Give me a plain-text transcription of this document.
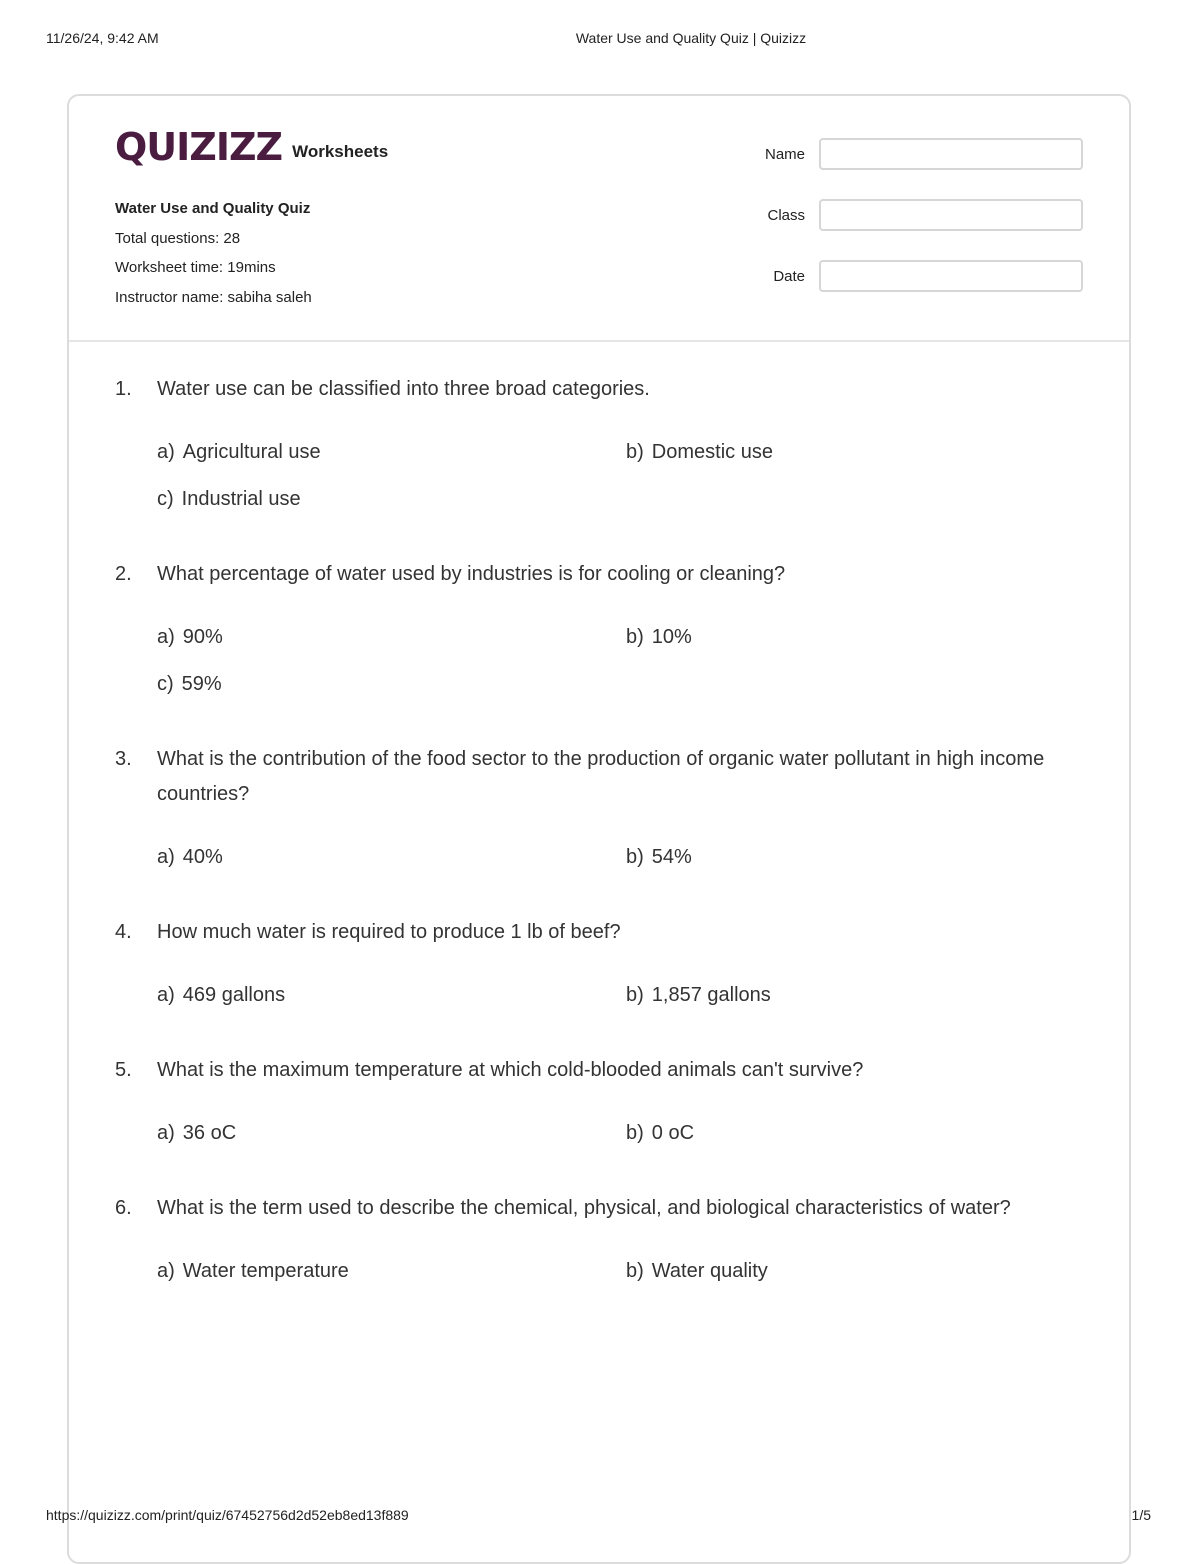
11/26/24, 9:42 AM	Water Use and Quality Quiz | Quizizz
QUIZIZZ Worksheets
Water Use and Quality Quiz
Total questions: 28
Worksheet time: 19mins
Instructor name: sabiha saleh
Name
Class
Date
1.	Water use can be classified into three broad categories.
a) Agricultural use	b) Domestic use
c) Industrial use
2.	What percentage of water used by industries is for cooling or cleaning?
a) 90%	b) 10%
c) 59%
3.	What is the contribution of the food sector to the production of organic water pollutant in high income countries?
a) 40%	b) 54%
4.	How much water is required to produce 1 lb of beef?
a) 469 gallons	b) 1,857 gallons
5.	What is the maximum temperature at which cold-blooded animals can't survive?
a) 36 oC	b) 0 oC
6.	What is the term used to describe the chemical, physical, and biological characteristics of water?
a) Water temperature	b) Water quality
https://quizizz.com/print/quiz/67452756d2d52eb8ed13f889	1/5
